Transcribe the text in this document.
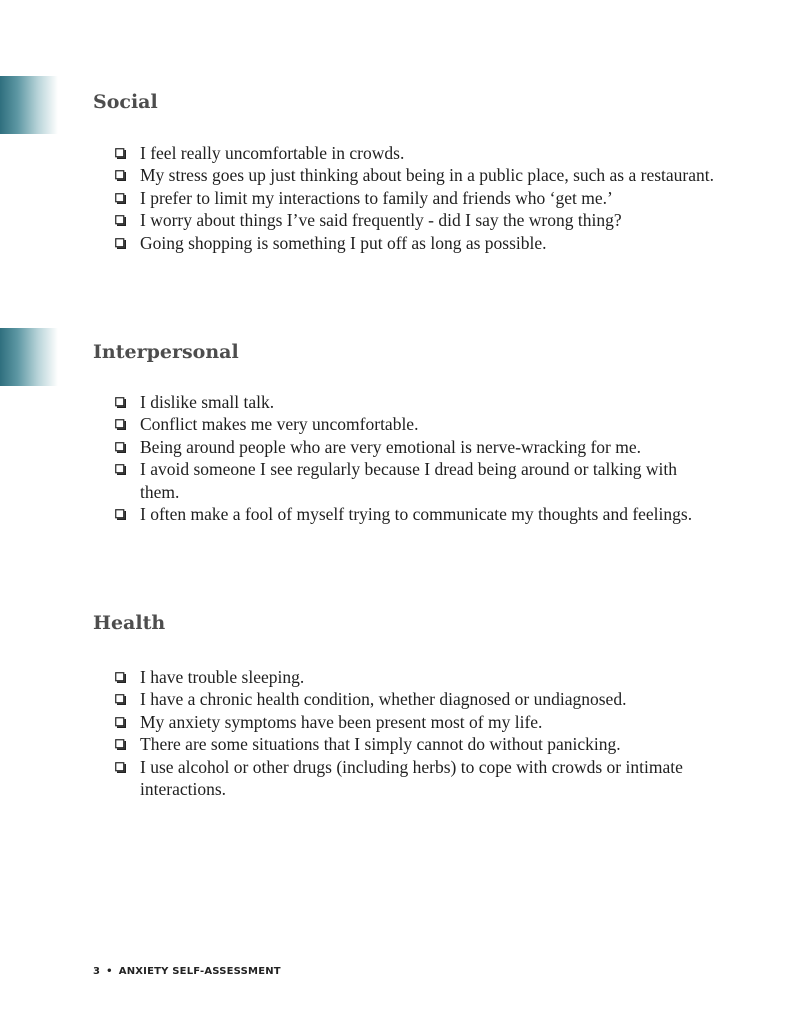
Social
I feel really uncomfortable in crowds.
My stress goes up just thinking about being in a public place, such as a restaurant.
I prefer to limit my interactions to family and friends who ‘get me.’
I worry about things I’ve said frequently - did I say the wrong thing?
Going shopping is something I put off as long as possible.
Interpersonal
I dislike small talk.
Conflict makes me very uncomfortable.
Being around people who are very emotional is nerve-wracking for me.
I avoid someone I see regularly because I dread being around or talking with them.
I often make a fool of myself trying to communicate my thoughts and feelings.
Health
I have trouble sleeping.
I have a chronic health condition, whether diagnosed or undiagnosed.
My anxiety symptoms have been present most of my life.
There are some situations that I simply cannot do without panicking.
I use alcohol or other drugs (including herbs) to cope with crowds or intimate interactions.
3 • ANXIETY SELF-ASSESSMENT
